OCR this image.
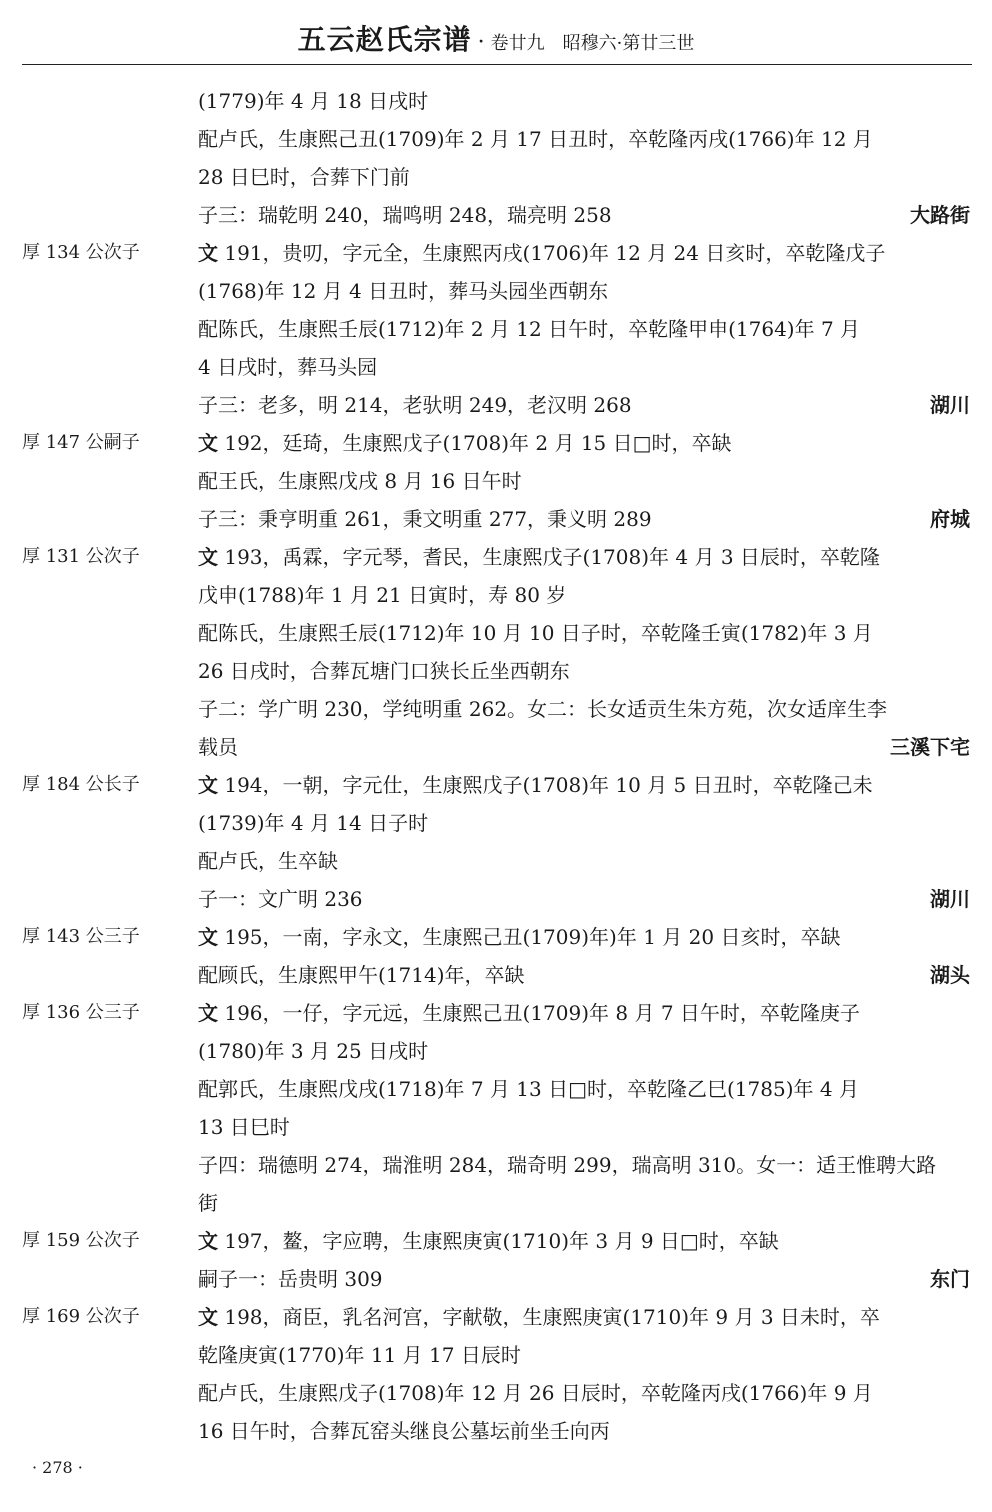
五云赵氏宗谱 · 卷廿九　昭穆六·第廿三世
(1779)年 4 月 18 日戌时
配卢氏，生康熙己丑(1709)年 2 月 17 日丑时，卒乾隆丙戌(1766)年 12 月
28 日巳时，合葬下门前
子三：瑞乾明 240，瑞鸣明 248，瑞亮明 258	大路街
厚 134 公次子	文 191，贵叨，字元全，生康熙丙戌(1706)年 12 月 24 日亥时，卒乾隆戊子
(1768)年 12 月 4 日丑时，葬马头园坐西朝东
配陈氏，生康熙壬辰(1712)年 2 月 12 日午时，卒乾隆甲申(1764)年 7 月
4 日戌时，葬马头园
子三：老多，明 214，老驮明 249，老汉明 268	湖川
厚 147 公嗣子	文 192，廷琦，生康熙戊子(1708)年 2 月 15 日□时，卒缺
配王氏，生康熙戊戌 8 月 16 日午时
子三：秉亨明重 261，秉文明重 277，秉义明 289	府城
厚 131 公次子	文 193，禹霖，字元琴，耆民，生康熙戊子(1708)年 4 月 3 日辰时，卒乾隆
戊申(1788)年 1 月 21 日寅时，寿 80 岁
配陈氏，生康熙壬辰(1712)年 10 月 10 日子时，卒乾隆壬寅(1782)年 3 月
26 日戌时，合葬瓦塘门口狭长丘坐西朝东
子二：学广明 230，学纯明重 262。女二：长女适贡生朱方苑，次女适庠生李
载员	三溪下宅
厚 184 公长子	文 194，一朝，字元仕，生康熙戊子(1708)年 10 月 5 日丑时，卒乾隆己未
(1739)年 4 月 14 日子时
配卢氏，生卒缺
子一：文广明 236	湖川
厚 143 公三子	文 195，一南，字永文，生康熙己丑(1709)年)年 1 月 20 日亥时，卒缺
配顾氏，生康熙甲午(1714)年，卒缺	湖头
厚 136 公三子	文 196，一仔，字元远，生康熙己丑(1709)年 8 月 7 日午时，卒乾隆庚子
(1780)年 3 月 25 日戌时
配郭氏，生康熙戊戌(1718)年 7 月 13 日□时，卒乾隆乙巳(1785)年 4 月
13 日巳时
子四：瑞德明 274，瑞淮明 284，瑞奇明 299，瑞高明 310。女一：适王惟聘大路
街
厚 159 公次子	文 197，鳌，字应聘，生康熙庚寅(1710)年 3 月 9 日□时，卒缺
嗣子一：岳贵明 309	东门
厚 169 公次子	文 198，商臣，乳名河宫，字献敬，生康熙庚寅(1710)年 9 月 3 日未时，卒
乾隆庚寅(1770)年 11 月 17 日辰时
配卢氏，生康熙戊子(1708)年 12 月 26 日辰时，卒乾隆丙戌(1766)年 9 月
16 日午时，合葬瓦窑头继良公墓坛前坐壬向丙
· 278 ·
